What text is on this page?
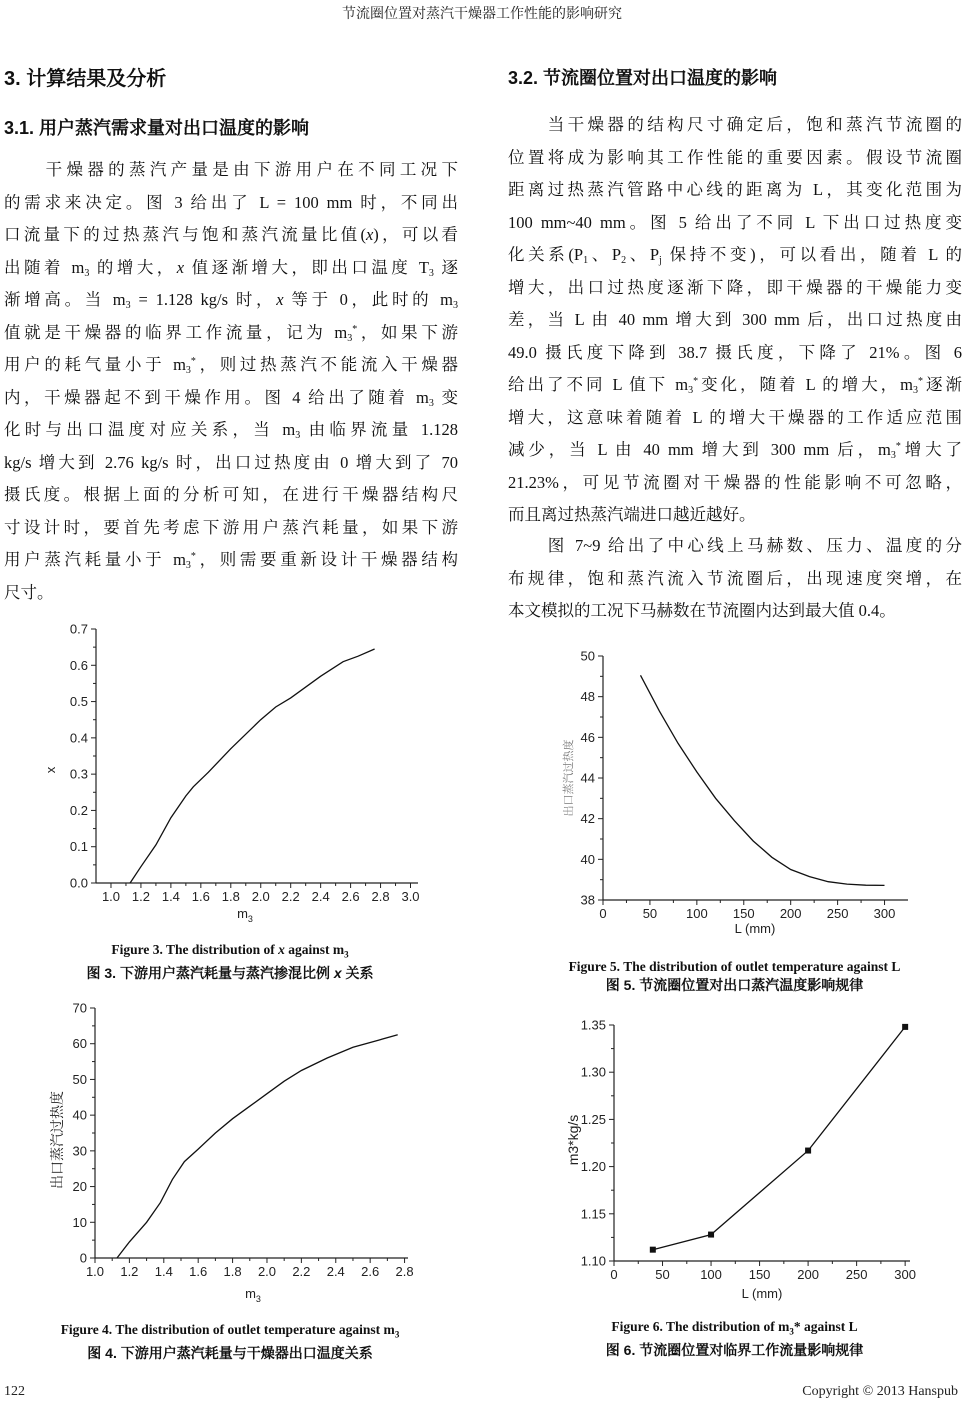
节流圈位置对蒸汽干燥器工作性能的影响研究
3. 计算结果及分析
3.1. 用户蒸汽需求量对出口温度的影响
　　干燥器的蒸汽产量是由下游用户在不同工况下
的需求来决定。图 3 给出了 L = 100 mm 时，不同出
口流量下的过热蒸汽与饱和蒸汽流量比值(x)，可以看
出随着 $m_3$ 的增大，x 值逐渐增大，即出口温度 $T_3$ 逐
渐增高。当 $m_3 = 1.128$ kg/s 时，x 等于 0，此时的 $m_3$
值就是干燥器的临界工作流量，记为 $m_3^*$，如果下游
用户的耗气量小于 $m_3^*$，则过热蒸汽不能流入干燥器
内，干燥器起不到干燥作用。图 4 给出了随着 $m_3$ 变
化时与出口温度对应关系，当 $m_3$ 由临界流量 1.128
kg/s 增大到 2.76 kg/s 时，出口过热度由 0 增大到了 70
摄氏度。根据上面的分析可知，在进行干燥器结构尺
寸设计时，要首先考虑下游用户蒸汽耗量，如果下游
用户蒸汽耗量小于 $m_3^*$，则需要重新设计干燥器结构
尺寸。
3.2. 节流圈位置对出口温度的影响
　　当干燥器的结构尺寸确定后，饱和蒸汽节流圈的
位置将成为影响其工作性能的重要因素。假设节流圈
距离过热蒸汽管路中心线的距离为 L，其变化范围为
100 mm~40 mm。图 5 给出了不同 L 下出口过热度变
化关系($P_1$、$P_2$、$P_j$ 保持不变)，可以看出，随着 L 的
增大，出口过热度逐渐下降，即干燥器的干燥能力变
差，当 L 由 40 mm 增大到 300 mm 后，出口过热度由
49.0 摄氏度下降到 38.7 摄氏度，下降了 21%。图 6
给出了不同 L 值下 $m_3^*$变化，随着 L 的增大，$m_3^*$逐渐
增大，这意味着随着 L 的增大干燥器的工作适应范围
减少，当 L 由 40 mm 增大到 300 mm 后，$m_3^*$增大了
21.23%，可见节流圈对干燥器的性能影响不可忽略，
而且离过热蒸汽端进口越近越好。
　　图 7~9 给出了中心线上马赫数、压力、温度的分
布规律，饱和蒸汽流入节流圈后，出现速度突增，在
本文模拟的工况下马赫数在节流圈内达到最大值 0.4。
1.0 1.2 1.4 1.6 1.8 2.0 2.2 2.4 2.6 2.8 3.0
0.0
0.1
0.2
0.3
0.4
0.5
0.6
0.7
$m_3$
x
1.0 1.2 1.4 1.6 1.8 2.0 2.2 2.4 2.6 2.8
0
10
20
30
40
50
60
70
$m_3$
出口蒸汽过热度
0	50 100 150 200 250 300
38
40
42
44
46
48
50
L (mm)
出口蒸汽过热度
0	50 100 150 200 250 300
1.10
1.15
1.20
1.25
1.30
1.35
L (mm)
m3*kg/s
Figure 3. The distribution of x against $m_3$
图 3. 下游用户蒸汽耗量与蒸汽掺混比例 x 关系
Figure 4. The distribution of outlet temperature against $m_3$
图 4. 下游用户蒸汽耗量与干燥器出口温度关系
Figure 5. The distribution of outlet temperature against L
图 5. 节流圈位置对出口蒸汽温度影响规律
Figure 6. The distribution of $m_3*$ against L
图 6. 节流圈位置对临界工作流量影响规律
122	Copyright © 2013 Hanspub
